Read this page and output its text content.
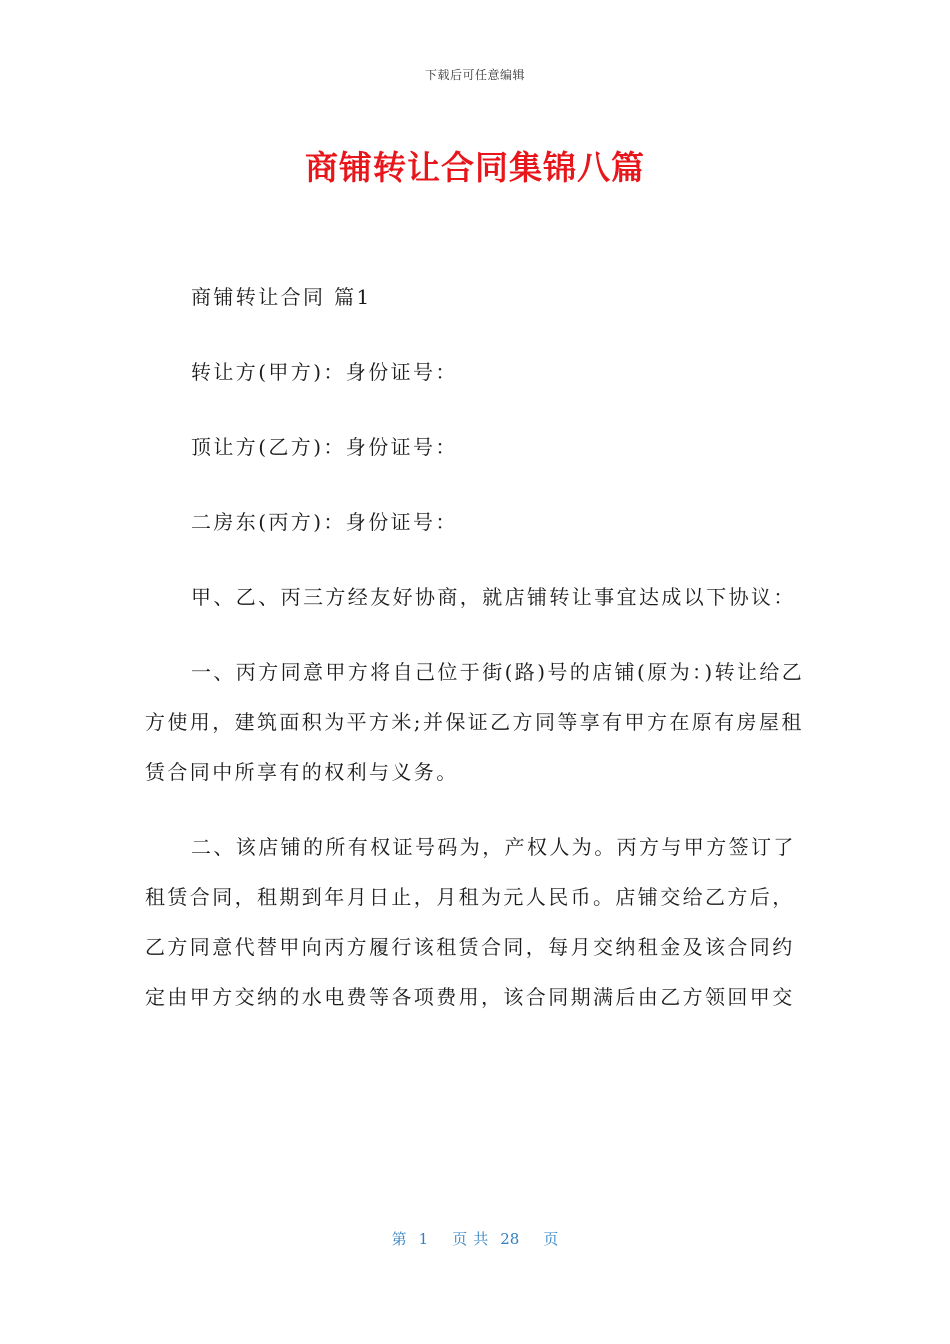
下载后可任意编辑
商铺转让合同集锦八篇

商铺转让合同 篇1

转让方(甲方)：身份证号：

顶让方(乙方)：身份证号：

二房东(丙方)：身份证号：

甲、乙、丙三方经友好协商，就店铺转让事宜达成以下协议：

一、丙方同意甲方将自己位于街(路)号的店铺(原为：)转让给乙方使用，建筑面积为平方米;并保证乙方同等享有甲方在原有房屋租赁合同中所享有的权利与义务。

二、该店铺的所有权证号码为，产权人为。丙方与甲方签订了租赁合同，租期到年月日止，月租为元人民币。店铺交给乙方后，乙方同意代替甲向丙方履行该租赁合同，每月交纳租金及该合同约定由甲方交纳的水电费等各项费用，该合同期满后由乙方领回甲交

第 1 页 共 28 页
